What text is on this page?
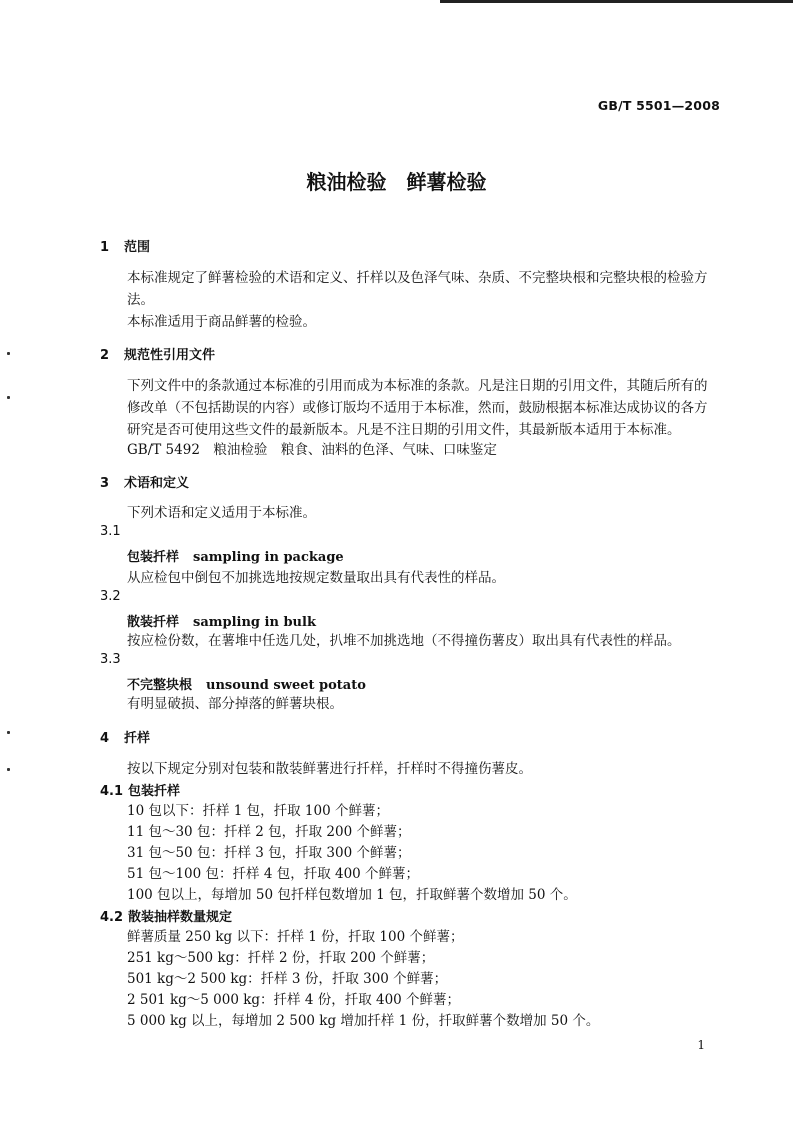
GB/T 5501—2008
粮油检验 鲜薯检验
1 范围
本标准规定了鲜薯检验的术语和定义、扦样以及色泽气味、杂质、不完整块根和完整块根的检验方法。
本标准适用于商品鲜薯的检验。
2 规范性引用文件
下列文件中的条款通过本标准的引用而成为本标准的条款。凡是注日期的引用文件，其随后所有的修改单（不包括勘误的内容）或修订版均不适用于本标准，然而，鼓励根据本标准达成协议的各方研究是否可使用这些文件的最新版本。凡是不注日期的引用文件，其最新版本适用于本标准。
GB/T 5492　粮油检验　粮食、油料的色泽、气味、口味鉴定
3 术语和定义
下列术语和定义适用于本标准。
3.1
包装扦样 sampling in package
从应检包中倒包不加挑选地按规定数量取出具有代表性的样品。
3.2
散装扦样 sampling in bulk
按应检份数，在薯堆中任选几处，扒堆不加挑选地（不得撞伤薯皮）取出具有代表性的样品。
3.3
不完整块根 unsound sweet potato
有明显破损、部分掉落的鲜薯块根。
4 扦样
按以下规定分别对包装和散装鲜薯进行扦样，扦样时不得撞伤薯皮。
4.1 包装扦样
10 包以下：扦样 1 包，扦取 100 个鲜薯；
11 包～30 包：扦样 2 包，扦取 200 个鲜薯；
31 包～50 包：扦样 3 包，扦取 300 个鲜薯；
51 包～100 包：扦样 4 包，扦取 400 个鲜薯；
100 包以上，每增加 50 包扦样包数增加 1 包，扦取鲜薯个数增加 50 个。
4.2 散装抽样数量规定
鲜薯质量 250 kg 以下：扦样 1 份，扦取 100 个鲜薯；
251 kg～500 kg：扦样 2 份，扦取 200 个鲜薯；
501 kg～2 500 kg：扦样 3 份，扦取 300 个鲜薯；
2 501 kg～5 000 kg：扦样 4 份，扦取 400 个鲜薯；
5 000 kg 以上，每增加 2 500 kg 增加扦样 1 份，扦取鲜薯个数增加 50 个。
1
